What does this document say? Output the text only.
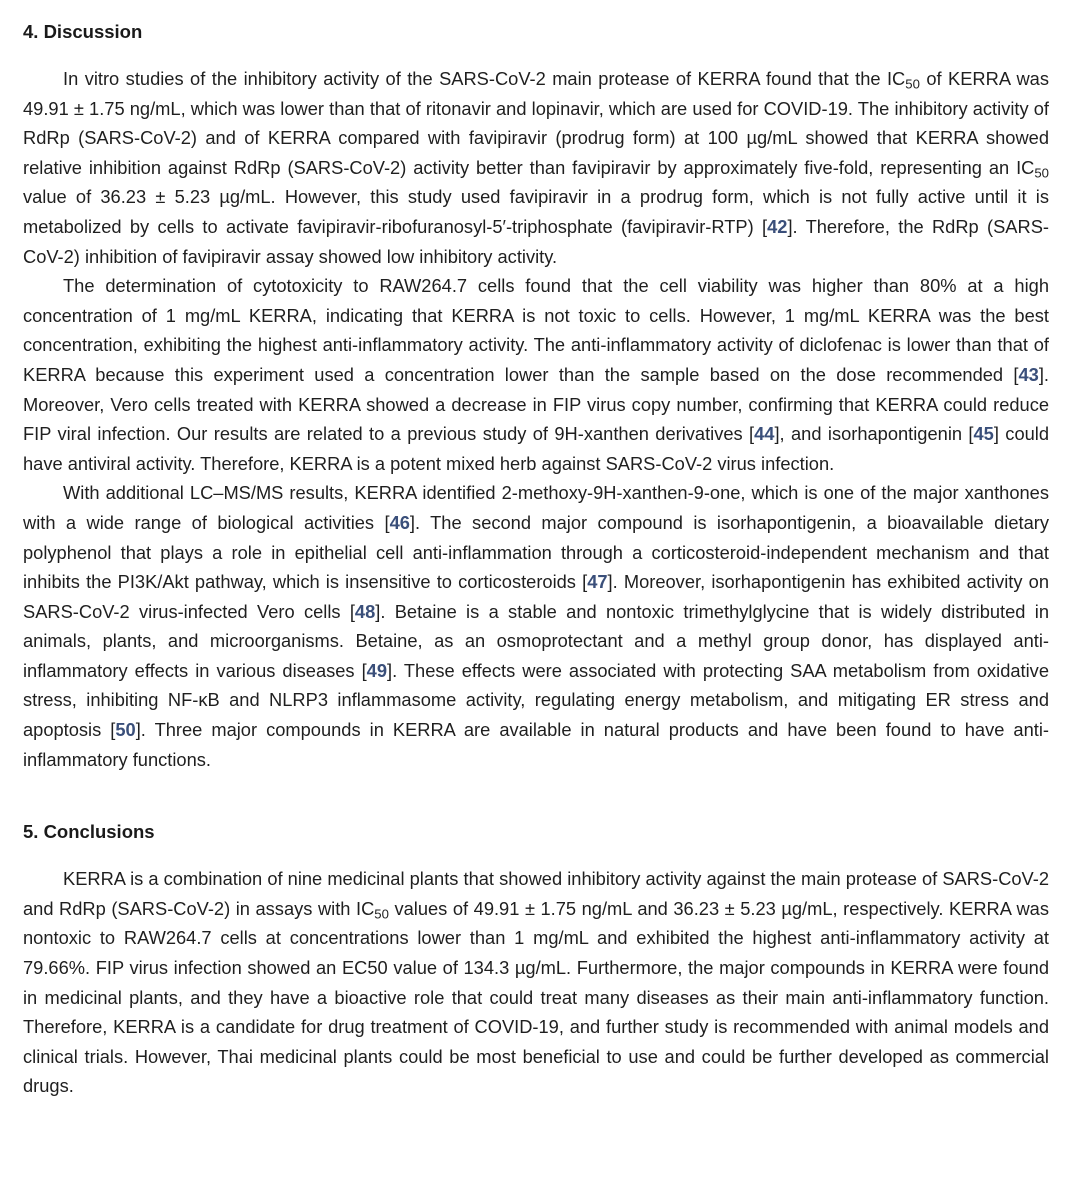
4. Discussion

In vitro studies of the inhibitory activity of the SARS-CoV-2 main protease of KERRA found that the $IC_{50}$ of KERRA was 49.91 ± 1.75 ng/mL, which was lower than that of ritonavir and lopinavir, which are used for COVID-19. The inhibitory activity of RdRp (SARS-CoV-2) and of KERRA compared with favipiravir (prodrug form) at 100 µg/mL showed that KERRA showed relative inhibition against RdRp (SARS-CoV-2) activity better than favipiravir by approximately five-fold, representing an $IC_{50}$ value of 36.23 ± 5.23 µg/mL. However, this study used favipiravir in a prodrug form, which is not fully active until it is metabolized by cells to activate favipiravir-ribofuranosyl-5′-triphosphate (favipiravir-RTP) [42]. Therefore, the RdRp (SARS-CoV-2) inhibition of favipiravir assay showed low inhibitory activity.

The determination of cytotoxicity to RAW264.7 cells found that the cell viability was higher than 80% at a high concentration of 1 mg/mL KERRA, indicating that KERRA is not toxic to cells. However, 1 mg/mL KERRA was the best concentration, exhibiting the highest anti-inflammatory activity. The anti-inflammatory activity of diclofenac is lower than that of KERRA because this experiment used a concentration lower than the sample based on the dose recommended [43]. Moreover, Vero cells treated with KERRA showed a decrease in FIP virus copy number, confirming that KERRA could reduce FIP viral infection. Our results are related to a previous study of 9H-xanthen derivatives [44], and isorhapontigenin [45] could have antiviral activity. Therefore, KERRA is a potent mixed herb against SARS-CoV-2 virus infection.

With additional LC–MS/MS results, KERRA identified 2-methoxy-9H-xanthen-9-one, which is one of the major xanthones with a wide range of biological activities [46]. The second major compound is isorhapontigenin, a bioavailable dietary polyphenol that plays a role in epithelial cell anti-inflammation through a corticosteroid-independent mechanism and that inhibits the PI3K/Akt pathway, which is insensitive to corticosteroids [47]. Moreover, isorhapontigenin has exhibited activity on SARS-CoV-2 virus-infected Vero cells [48]. Betaine is a stable and nontoxic trimethylglycine that is widely distributed in animals, plants, and microorganisms. Betaine, as an osmoprotectant and a methyl group donor, has displayed anti-inflammatory effects in various diseases [49]. These effects were associated with protecting SAA metabolism from oxidative stress, inhibiting NF-κB and NLRP3 inflammasome activity, regulating energy metabolism, and mitigating ER stress and apoptosis [50]. Three major compounds in KERRA are available in natural products and have been found to have anti-inflammatory functions.

5. Conclusions

KERRA is a combination of nine medicinal plants that showed inhibitory activity against the main protease of SARS-CoV-2 and RdRp (SARS-CoV-2) in assays with $IC_{50}$ values of 49.91 ± 1.75 ng/mL and 36.23 ± 5.23 µg/mL, respectively. KERRA was nontoxic to RAW264.7 cells at concentrations lower than 1 mg/mL and exhibited the highest anti-inflammatory activity at 79.66%. FIP virus infection showed an EC50 value of 134.3 µg/mL. Furthermore, the major compounds in KERRA were found in medicinal plants, and they have a bioactive role that could treat many diseases as their main anti-inflammatory function. Therefore, KERRA is a candidate for drug treatment of COVID-19, and further study is recommended with animal models and clinical trials. However, Thai medicinal plants could be most beneficial to use and could be further developed as commercial drugs.
